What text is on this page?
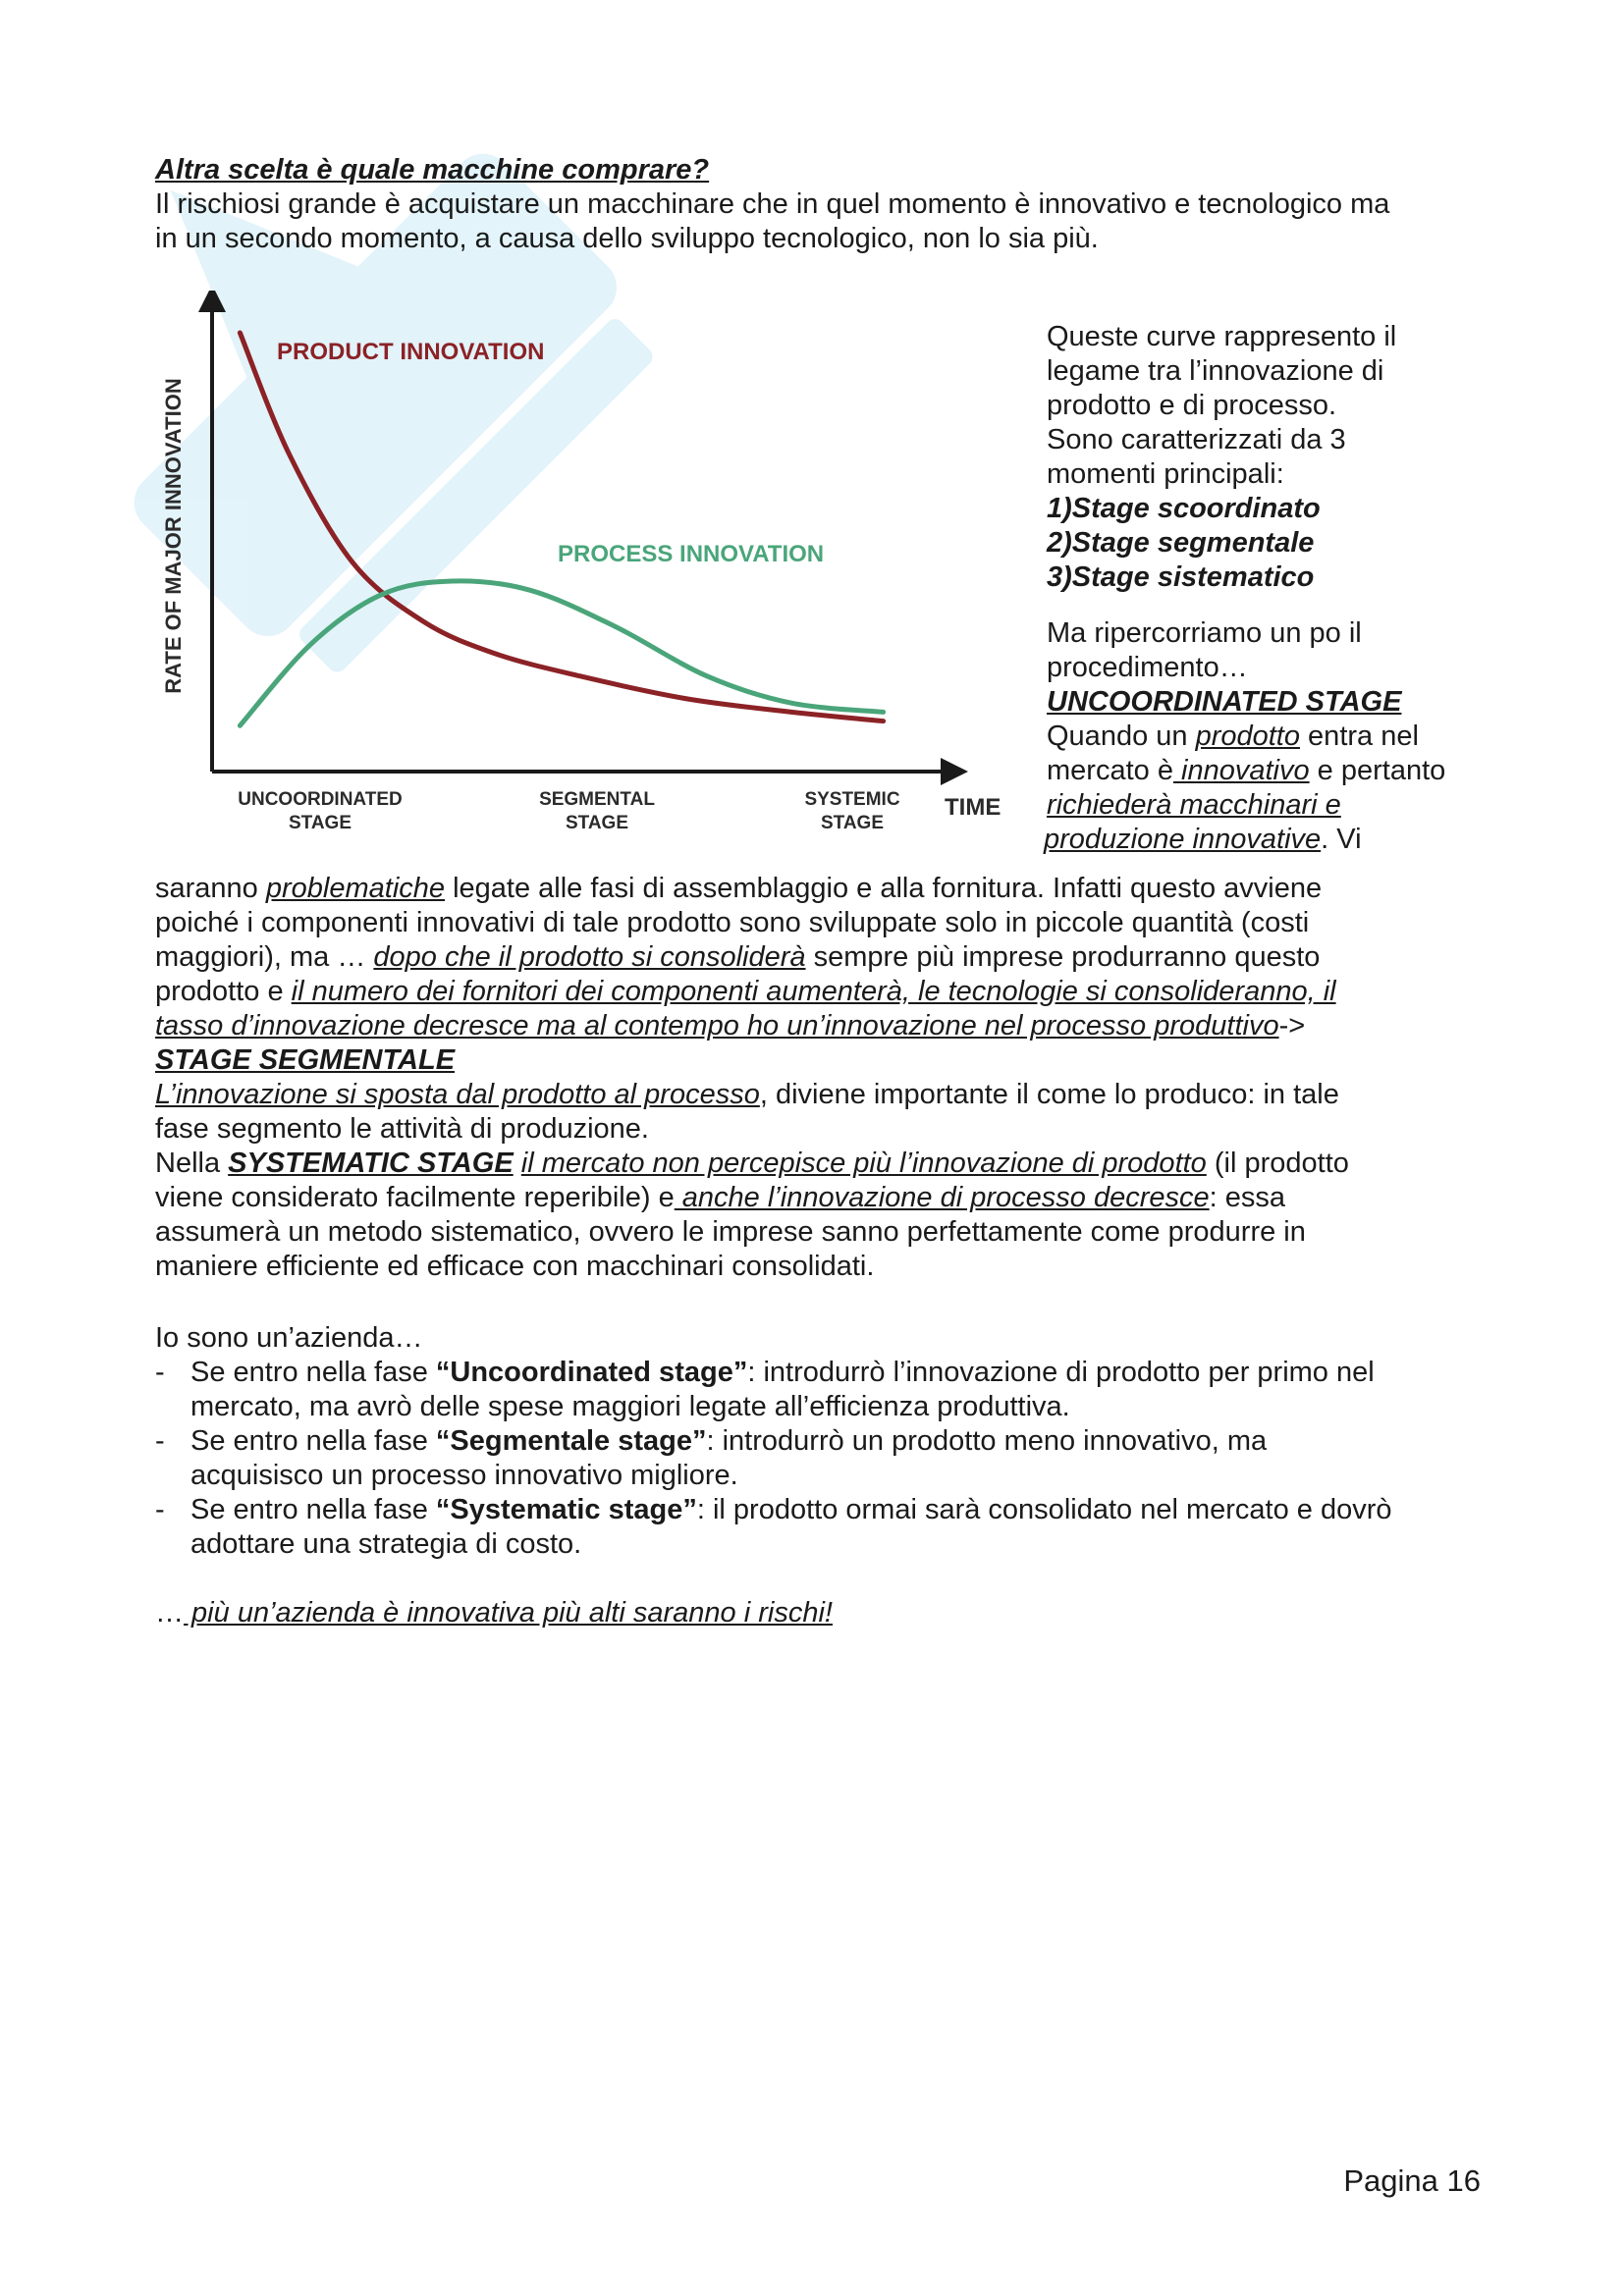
Altra scelta è quale macchine comprare?
Il rischiosi grande è acquistare un macchinare che in quel momento è innovativo e tecnologico ma
in un secondo momento, a causa dello sviluppo tecnologico, non lo sia più.
RATE OF MAJOR INNOVATION
TIME
UNCOORDINATED STAGE
SEGMENTAL STAGE
SYSTEMIC STAGE
PRODUCT INNOVATION
PROCESS INNOVATION

Queste curve rappresento il

legame tra l’innovazione di

prodotto e di processo.

Sono caratterizzati da 3

momenti principali:

1)Stage scoordinato

2)Stage segmentale

3)Stage sistematico

Ma ripercorriamo un po il

procedimento…

UNCOORDINATED STAGE

Quando un prodotto entra nel

mercato è innovativo e pertanto

richiederà macchinari e

produzione innovative. Vi

saranno problematiche legate alle fasi di assemblaggio e alla fornitura. Infatti questo avviene
poiché i componenti innovativi di tale prodotto sono sviluppate solo in piccole quantità (costi
maggiori), ma … dopo che il prodotto si consoliderà sempre più imprese produrranno questo
prodotto e il numero dei fornitori dei componenti aumenterà, le tecnologie si consolideranno, il
tasso d’innovazione decresce ma al contempo ho un’innovazione nel processo produttivo->
STAGE SEGMENTALE
L’innovazione si sposta dal prodotto al processo, diviene importante il come lo produco: in tale
fase segmento le attività di produzione.
Nella SYSTEMATIC STAGE il mercato non percepisce più l’innovazione di prodotto (il prodotto
viene considerato facilmente reperibile) e anche l’innovazione di processo decresce: essa
assumerà un metodo sistematico, ovvero le imprese sanno perfettamente come produrre in
maniere efficiente ed efficace con macchinari consolidati.

Io sono un’azienda…

- Se entro nella fase “Uncoordinated stage”: introdurrò l’innovazione di prodotto per primo nel
mercato, ma avrò delle spese maggiori legate all’efficienza produttiva.
- Se entro nella fase “Segmentale stage”: introdurrò un prodotto meno innovativo, ma
acquisisco un processo innovativo migliore.
- Se entro nella fase “Systematic stage”: il prodotto ormai sarà consolidato nel mercato e dovrò
adottare una strategia di costo.
… più un’azienda è innovativa più alti saranno i rischi!
Pagina 16
